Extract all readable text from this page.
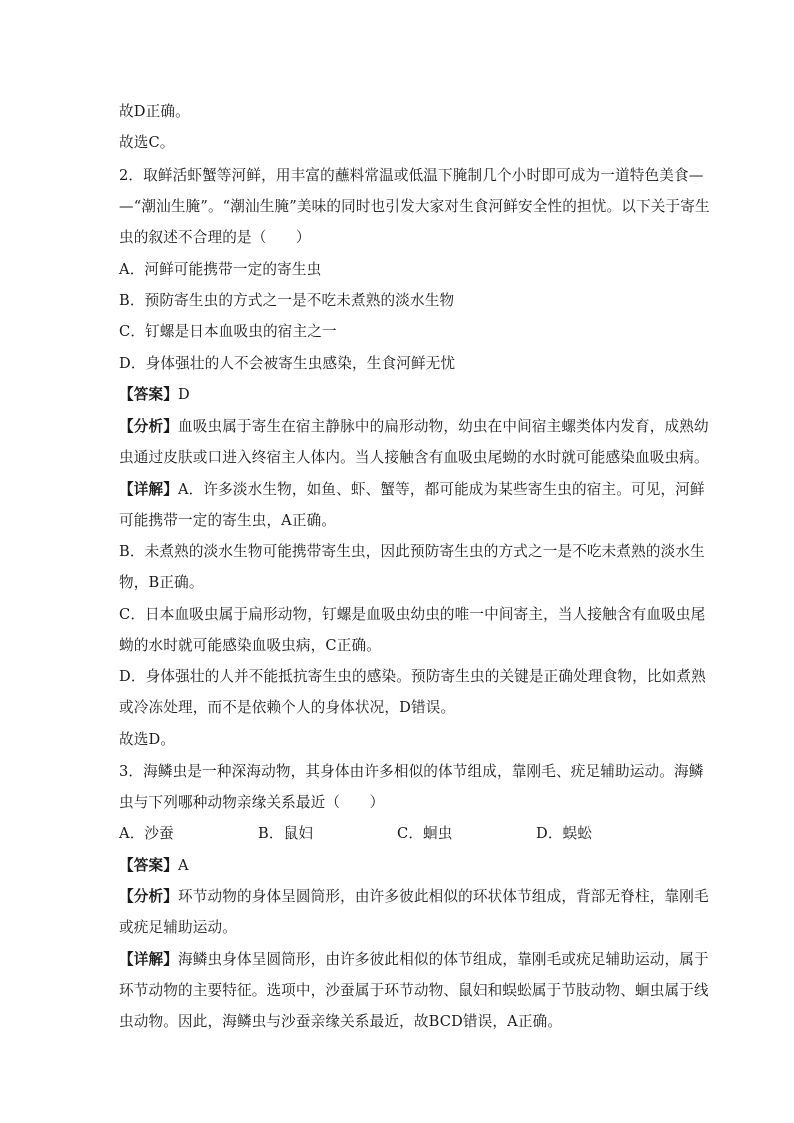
故D正确。
故选C。
2．取鲜活虾蟹等河鲜，用丰富的蘸料常温或低温下腌制几个小时即可成为一道特色美食—
—“潮汕生腌”。“潮汕生腌”美味的同时也引发大家对生食河鲜安全性的担忧。以下关于寄生
虫的叙述不合理的是（　　）
A．河鲜可能携带一定的寄生虫
B．预防寄生虫的方式之一是不吃未煮熟的淡水生物
C．钉螺是日本血吸虫的宿主之一
D．身体强壮的人不会被寄生虫感染，生食河鲜无忧
【答案】D
【分析】血吸虫属于寄生在宿主静脉中的扁形动物，幼虫在中间宿主螺类体内发育，成熟幼
虫通过皮肤或口进入终宿主人体内。当人接触含有血吸虫尾蚴的水时就可能感染血吸虫病。
【详解】A．许多淡水生物，如鱼、虾、蟹等，都可能成为某些寄生虫的宿主。可见，河鲜
可能携带一定的寄生虫，A正确。
B．未煮熟的淡水生物可能携带寄生虫，因此预防寄生虫的方式之一是不吃未煮熟的淡水生
物，B正确。
C．日本血吸虫属于扁形动物，钉螺是血吸虫幼虫的唯一中间寄主，当人接触含有血吸虫尾
蚴的水时就可能感染血吸虫病，C正确。
D．身体强壮的人并不能抵抗寄生虫的感染。预防寄生虫的关键是正确处理食物，比如煮熟
或冷冻处理，而不是依赖个人的身体状况，D错误。
故选D。
3．海鳞虫是一种深海动物，其身体由许多相似的体节组成，靠刚毛、疣足辅助运动。海鳞
虫与下列哪种动物亲缘关系最近（　　）
A．沙蚕	B．鼠妇	C．蛔虫	D．蜈蚣
【答案】A
【分析】环节动物的身体呈圆筒形，由许多彼此相似的环状体节组成，背部无脊柱，靠刚毛
或疣足辅助运动。
【详解】海鳞虫身体呈圆筒形，由许多彼此相似的体节组成，靠刚毛或疣足辅助运动，属于
环节动物的主要特征。选项中，沙蚕属于环节动物、鼠妇和蜈蚣属于节肢动物、蛔虫属于线
虫动物。因此，海鳞虫与沙蚕亲缘关系最近，故BCD错误，A正确。
